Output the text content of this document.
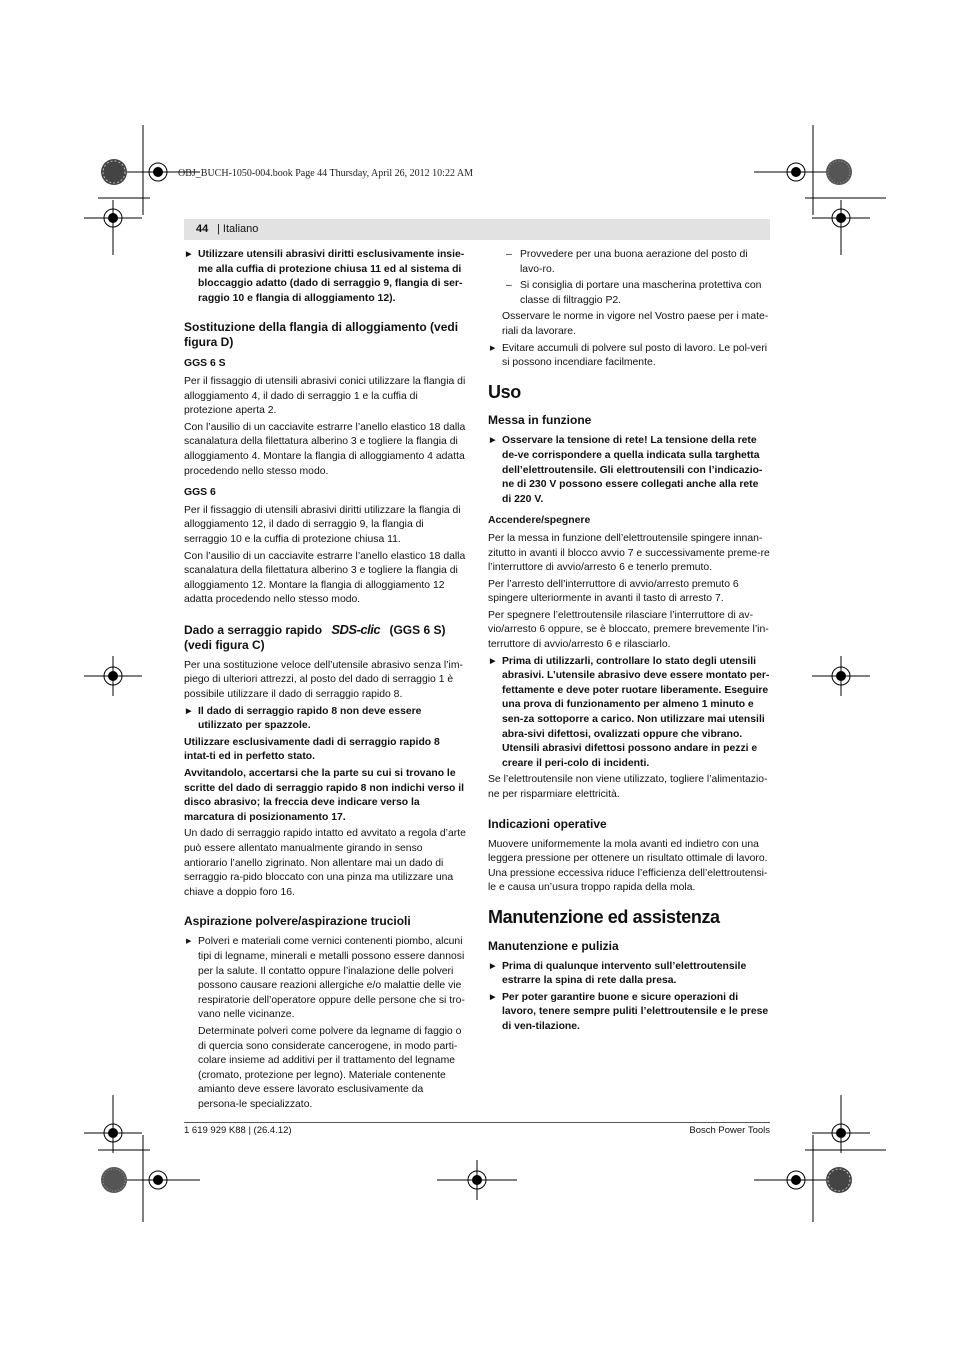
OBJ_BUCH-1050-004.book Page 44 Thursday, April 26, 2012 10:22 AM
44 | Italiano

▶ Utilizzare utensili abrasivi diritti esclusivamente insie-me alla cuffia di protezione chiusa 11 ed al sistema di bloccaggio adatto (dado di serraggio 9, flangia di ser-raggio 10 e flangia di alloggiamento 12).

Sostituzione della flangia di alloggiamento (vedi figura D)
GGS 6 S

Per il fissaggio di utensili abrasivi conici utilizzare la flangia di alloggiamento 4, il dado di serraggio 1 e la cuffia di protezione aperta 2.

Con l’ausilio di un cacciavite estrarre l’anello elastico 18 dalla scanalatura della filettatura alberino 3 e togliere la flangia di alloggiamento 4. Montare la flangia di alloggiamento 4 adatta procedendo nello stesso modo.

GGS 6

Per il fissaggio di utensili abrasivi diritti utilizzare la flangia di alloggiamento 12, il dado di serraggio 9, la flangia di serraggio 10 e la cuffia di protezione chiusa 11.

Con l’ausilio di un cacciavite estrarre l’anello elastico 18 dalla scanalatura della filettatura alberino 3 e togliere la flangia di alloggiamento 12. Montare la flangia di alloggiamento 12 adatta procedendo nello stesso modo.

Dado a serraggio rapido SDS-clic (GGS 6 S)
(vedi figura C)

Per una sostituzione veloce dell’utensile abrasivo senza l’im-piego di ulteriori attrezzi, al posto del dado di serraggio 1 è possibile utilizzare il dado di serraggio rapido 8.

▶ Il dado di serraggio rapido 8 non deve essere utilizzato per spazzole.

Utilizzare esclusivamente dadi di serraggio rapido 8 intat-ti ed in perfetto stato.

Avvitandolo, accertarsi che la parte su cui si trovano le scritte del dado di serraggio rapido 8 non indichi verso il disco abrasivo; la freccia deve indicare verso la marcatura di posizionamento 17.

Un dado di serraggio rapido intatto ed avvitato a regola d’arte può essere allentato manualmente girando in senso antiorario l’anello zigrinato. Non allentare mai un dado di serraggio ra-pido bloccato con una pinza ma utilizzare una chiave a doppio foro 16.

Aspirazione polvere/aspirazione trucioli

▶ Polveri e materiali come vernici contenenti piombo, alcuni tipi di legname, minerali e metalli possono essere dannosi per la salute. Il contatto oppure l’inalazione delle polveri possono causare reazioni allergiche e/o malattie delle vie respiratorie dell’operatore oppure delle persone che si tro-vano nelle vicinanze.

Determinate polveri come polvere da legname di faggio o di quercia sono considerate cancerogene, in modo parti-colare insieme ad additivi per il trattamento del legname (cromato, protezione per legno). Materiale contenente amianto deve essere lavorato esclusivamente da persona-le specializzato.

– Provvedere per una buona aerazione del posto di lavo-ro.

– Si consiglia di portare una mascherina protettiva con classe di filtraggio P2.

Osservare le norme in vigore nel Vostro paese per i mate-riali da lavorare.

▶ Evitare accumuli di polvere sul posto di lavoro. Le pol-veri si possono incendiare facilmente.

Uso
Messa in funzione

▶ Osservare la tensione di rete! La tensione della rete de-ve corrispondere a quella indicata sulla targhetta dell’elettroutensile. Gli elettroutensili con l’indicazio-ne di 230 V possono essere collegati anche alla rete di 220 V.

Accendere/spegnere

Per la messa in funzione dell’elettroutensile spingere innan-zitutto in avanti il blocco avvio 7 e successivamente preme-re l’interruttore di avvio/arresto 6 e tenerlo premuto.

Per l’arresto dell’interruttore di avvio/arresto premuto 6 spingere ulteriormente in avanti il tasto di arresto 7.

Per spegnere l’elettroutensile rilasciare l’interruttore di av-vio/arresto 6 oppure, se è bloccato, premere brevemente l’in-terruttore di avvio/arresto 6 e rilasciarlo.

▶ Prima di utilizzarli, controllare lo stato degli utensili abrasivi. L’utensile abrasivo deve essere montato per-fettamente e deve poter ruotare liberamente. Eseguire una prova di funzionamento per almeno 1 minuto e sen-za sottoporre a carico. Non utilizzare mai utensili abra-sivi difettosi, ovalizzati oppure che vibrano. Utensili abrasivi difettosi possono andare in pezzi e creare il peri-colo di incidenti.

Se l’elettroutensile non viene utilizzato, togliere l’alimentazio-ne per risparmiare elettricità.

Indicazioni operative

Muovere uniformemente la mola avanti ed indietro con una leggera pressione per ottenere un risultato ottimale di lavoro. Una pressione eccessiva riduce l’efficienza dell’elettroutensi-le e causa un’usura troppo rapida della mola.

Manutenzione ed assistenza
Manutenzione e pulizia

▶ Prima di qualunque intervento sull’elettroutensile estrarre la spina di rete dalla presa.

▶ Per poter garantire buone e sicure operazioni di lavoro, tenere sempre puliti l’elettroutensile e le prese di ven-tilazione.

1 619 929 K88 | (26.4.12)	Bosch Power Tools
